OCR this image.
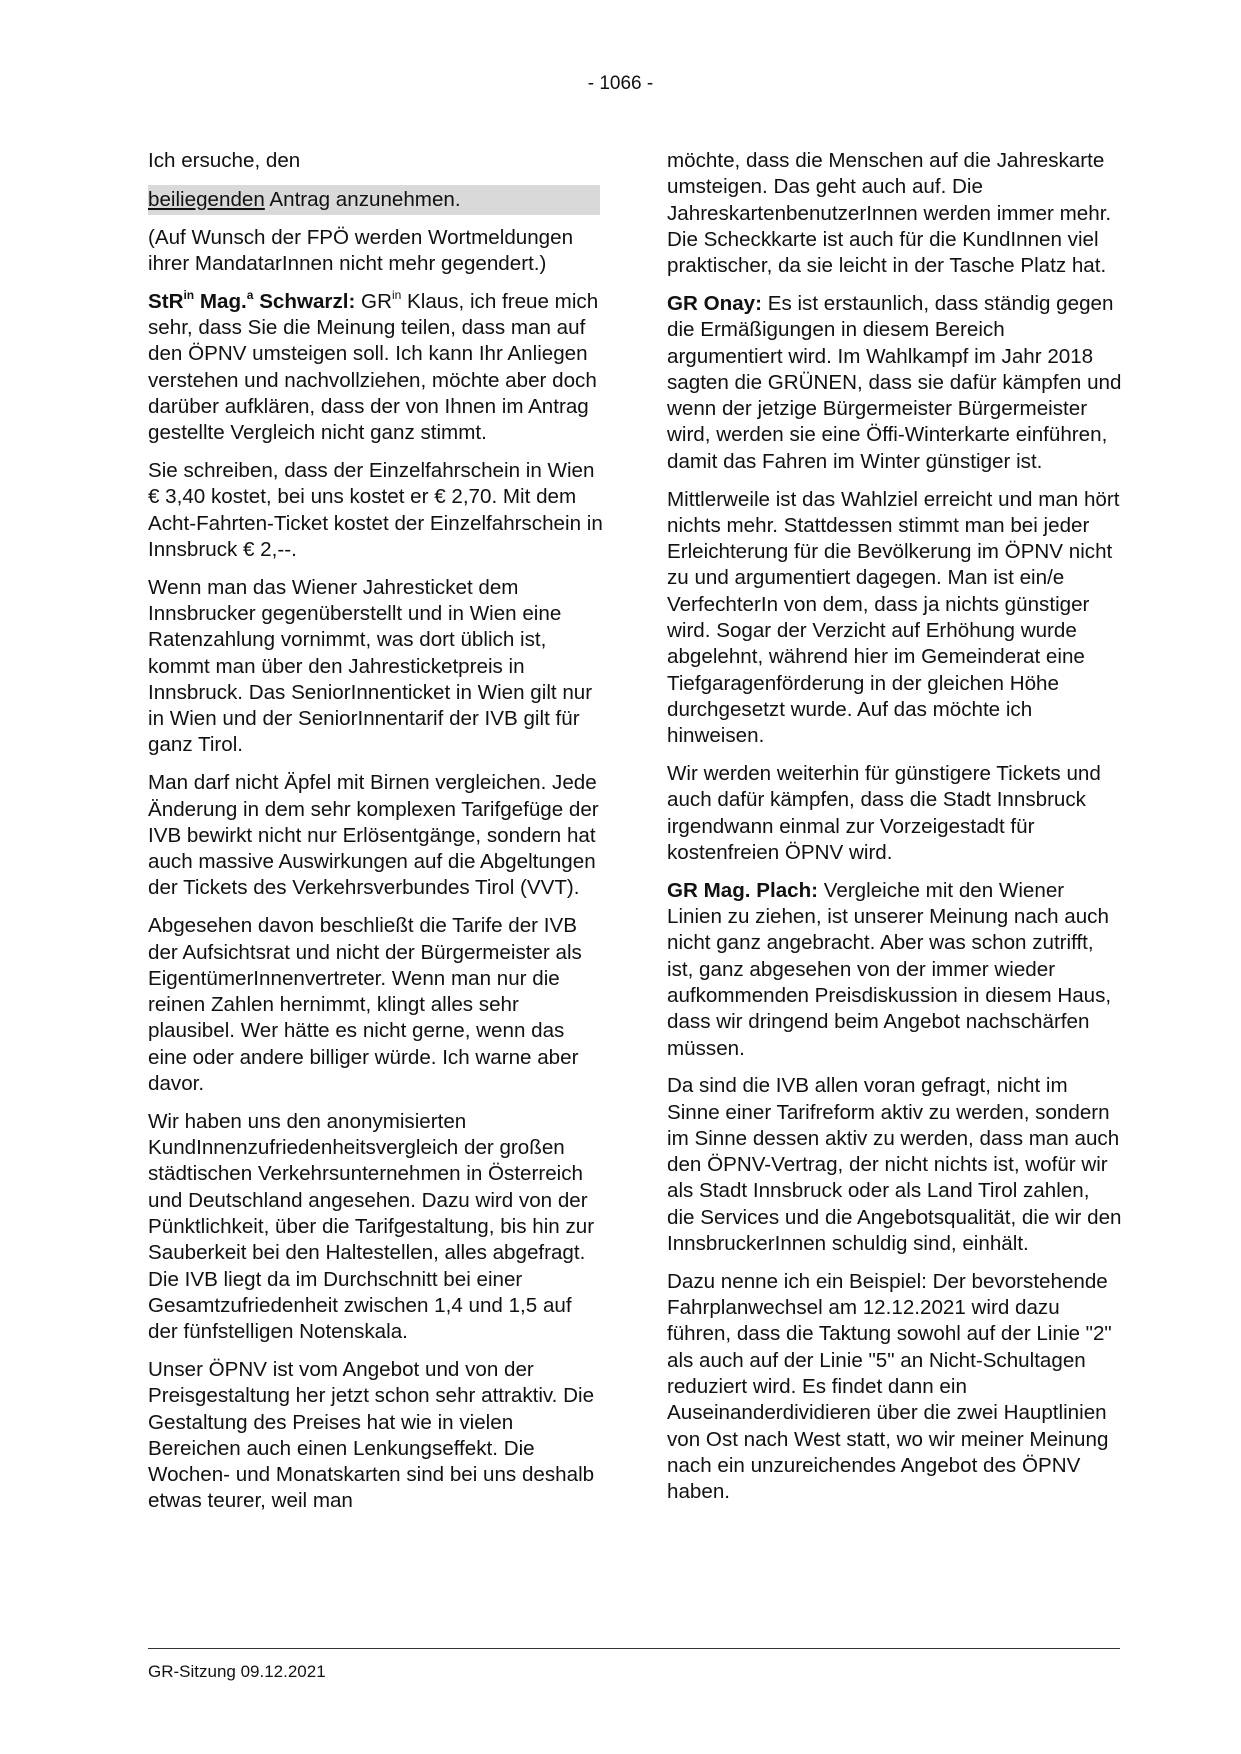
- 1066 -

Ich ersuche, den

beiliegenden Antrag anzunehmen.

(Auf Wunsch der FPÖ werden Wortmeldungen ihrer MandatarInnen nicht mehr gegendert.)

StR$^{in}$ Mag.$^a$ Schwarzl: $GR^{in}$ Klaus, ich freue mich sehr, dass Sie die Meinung teilen, dass man auf den ÖPNV umsteigen soll. Ich kann Ihr Anliegen verstehen und nachvollziehen, möchte aber doch darüber aufklären, dass der von Ihnen im Antrag gestellte Vergleich nicht ganz stimmt.

Sie schreiben, dass der Einzelfahrschein in Wien € 3,40 kostet, bei uns kostet er € 2,70. Mit dem Acht-Fahrten-Ticket kostet der Einzelfahrschein in Innsbruck € 2,--.

Wenn man das Wiener Jahresticket dem Innsbrucker gegenüberstellt und in Wien eine Ratenzahlung vornimmt, was dort üblich ist, kommt man über den Jahresticketpreis in Innsbruck. Das SeniorInnenticket in Wien gilt nur in Wien und der SeniorInnentarif der IVB gilt für ganz Tirol.

Man darf nicht Äpfel mit Birnen vergleichen. Jede Änderung in dem sehr komplexen Tarifgefüge der IVB bewirkt nicht nur Erlösentgänge, sondern hat auch massive Auswirkungen auf die Abgeltungen der Tickets des Verkehrsverbundes Tirol (VVT).

Abgesehen davon beschließt die Tarife der IVB der Aufsichtsrat und nicht der Bürgermeister als EigentümerInnenvertreter. Wenn man nur die reinen Zahlen hernimmt, klingt alles sehr plausibel. Wer hätte es nicht gerne, wenn das eine oder andere billiger würde. Ich warne aber davor.

Wir haben uns den anonymisierten KundInnenzufriedenheitsvergleich der großen städtischen Verkehrsunternehmen in Österreich und Deutschland angesehen. Dazu wird von der Pünktlichkeit, über die Tarifgestaltung, bis hin zur Sauberkeit bei den Haltestellen, alles abgefragt. Die IVB liegt da im Durchschnitt bei einer Gesamtzufriedenheit zwischen 1,4 und 1,5 auf der fünfstelligen Notenskala.

Unser ÖPNV ist vom Angebot und von der Preisgestaltung her jetzt schon sehr attraktiv. Die Gestaltung des Preises hat wie in vielen Bereichen auch einen Lenkungseffekt. Die Wochen- und Monatskarten sind bei uns deshalb etwas teurer, weil man

möchte, dass die Menschen auf die Jahreskarte umsteigen. Das geht auch auf. Die JahreskartenbenutzerInnen werden immer mehr. Die Scheckkarte ist auch für die KundInnen viel praktischer, da sie leicht in der Tasche Platz hat.

GR Onay: Es ist erstaunlich, dass ständig gegen die Ermäßigungen in diesem Bereich argumentiert wird. Im Wahlkampf im Jahr 2018 sagten die GRÜNEN, dass sie dafür kämpfen und wenn der jetzige Bürgermeister Bürgermeister wird, werden sie eine Öffi-Winterkarte einführen, damit das Fahren im Winter günstiger ist.

Mittlerweile ist das Wahlziel erreicht und man hört nichts mehr. Stattdessen stimmt man bei jeder Erleichterung für die Bevölkerung im ÖPNV nicht zu und argumentiert dagegen. Man ist ein/e VerfechterIn von dem, dass ja nichts günstiger wird. Sogar der Verzicht auf Erhöhung wurde abgelehnt, während hier im Gemeinderat eine Tiefgaragenförderung in der gleichen Höhe durchgesetzt wurde. Auf das möchte ich hinweisen.

Wir werden weiterhin für günstigere Tickets und auch dafür kämpfen, dass die Stadt Innsbruck irgendwann einmal zur Vorzeigestadt für kostenfreien ÖPNV wird.

GR Mag. Plach: Vergleiche mit den Wiener Linien zu ziehen, ist unserer Meinung nach auch nicht ganz angebracht. Aber was schon zutrifft, ist, ganz abgesehen von der immer wieder aufkommenden Preisdiskussion in diesem Haus, dass wir dringend beim Angebot nachschärfen müssen.

Da sind die IVB allen voran gefragt, nicht im Sinne einer Tarifreform aktiv zu werden, sondern im Sinne dessen aktiv zu werden, dass man auch den ÖPNV-Vertrag, der nicht nichts ist, wofür wir als Stadt Innsbruck oder als Land Tirol zahlen, die Services und die Angebotsqualität, die wir den InnsbruckerInnen schuldig sind, einhält.

Dazu nenne ich ein Beispiel: Der bevorstehende Fahrplanwechsel am 12.12.2021 wird dazu führen, dass die Taktung sowohl auf der Linie "2" als auch auf der Linie "5" an Nicht-Schultagen reduziert wird. Es findet dann ein Auseinanderdividieren über die zwei Hauptlinien von Ost nach West statt, wo wir meiner Meinung nach ein unzureichendes Angebot des ÖPNV haben.

GR-Sitzung 09.12.2021
